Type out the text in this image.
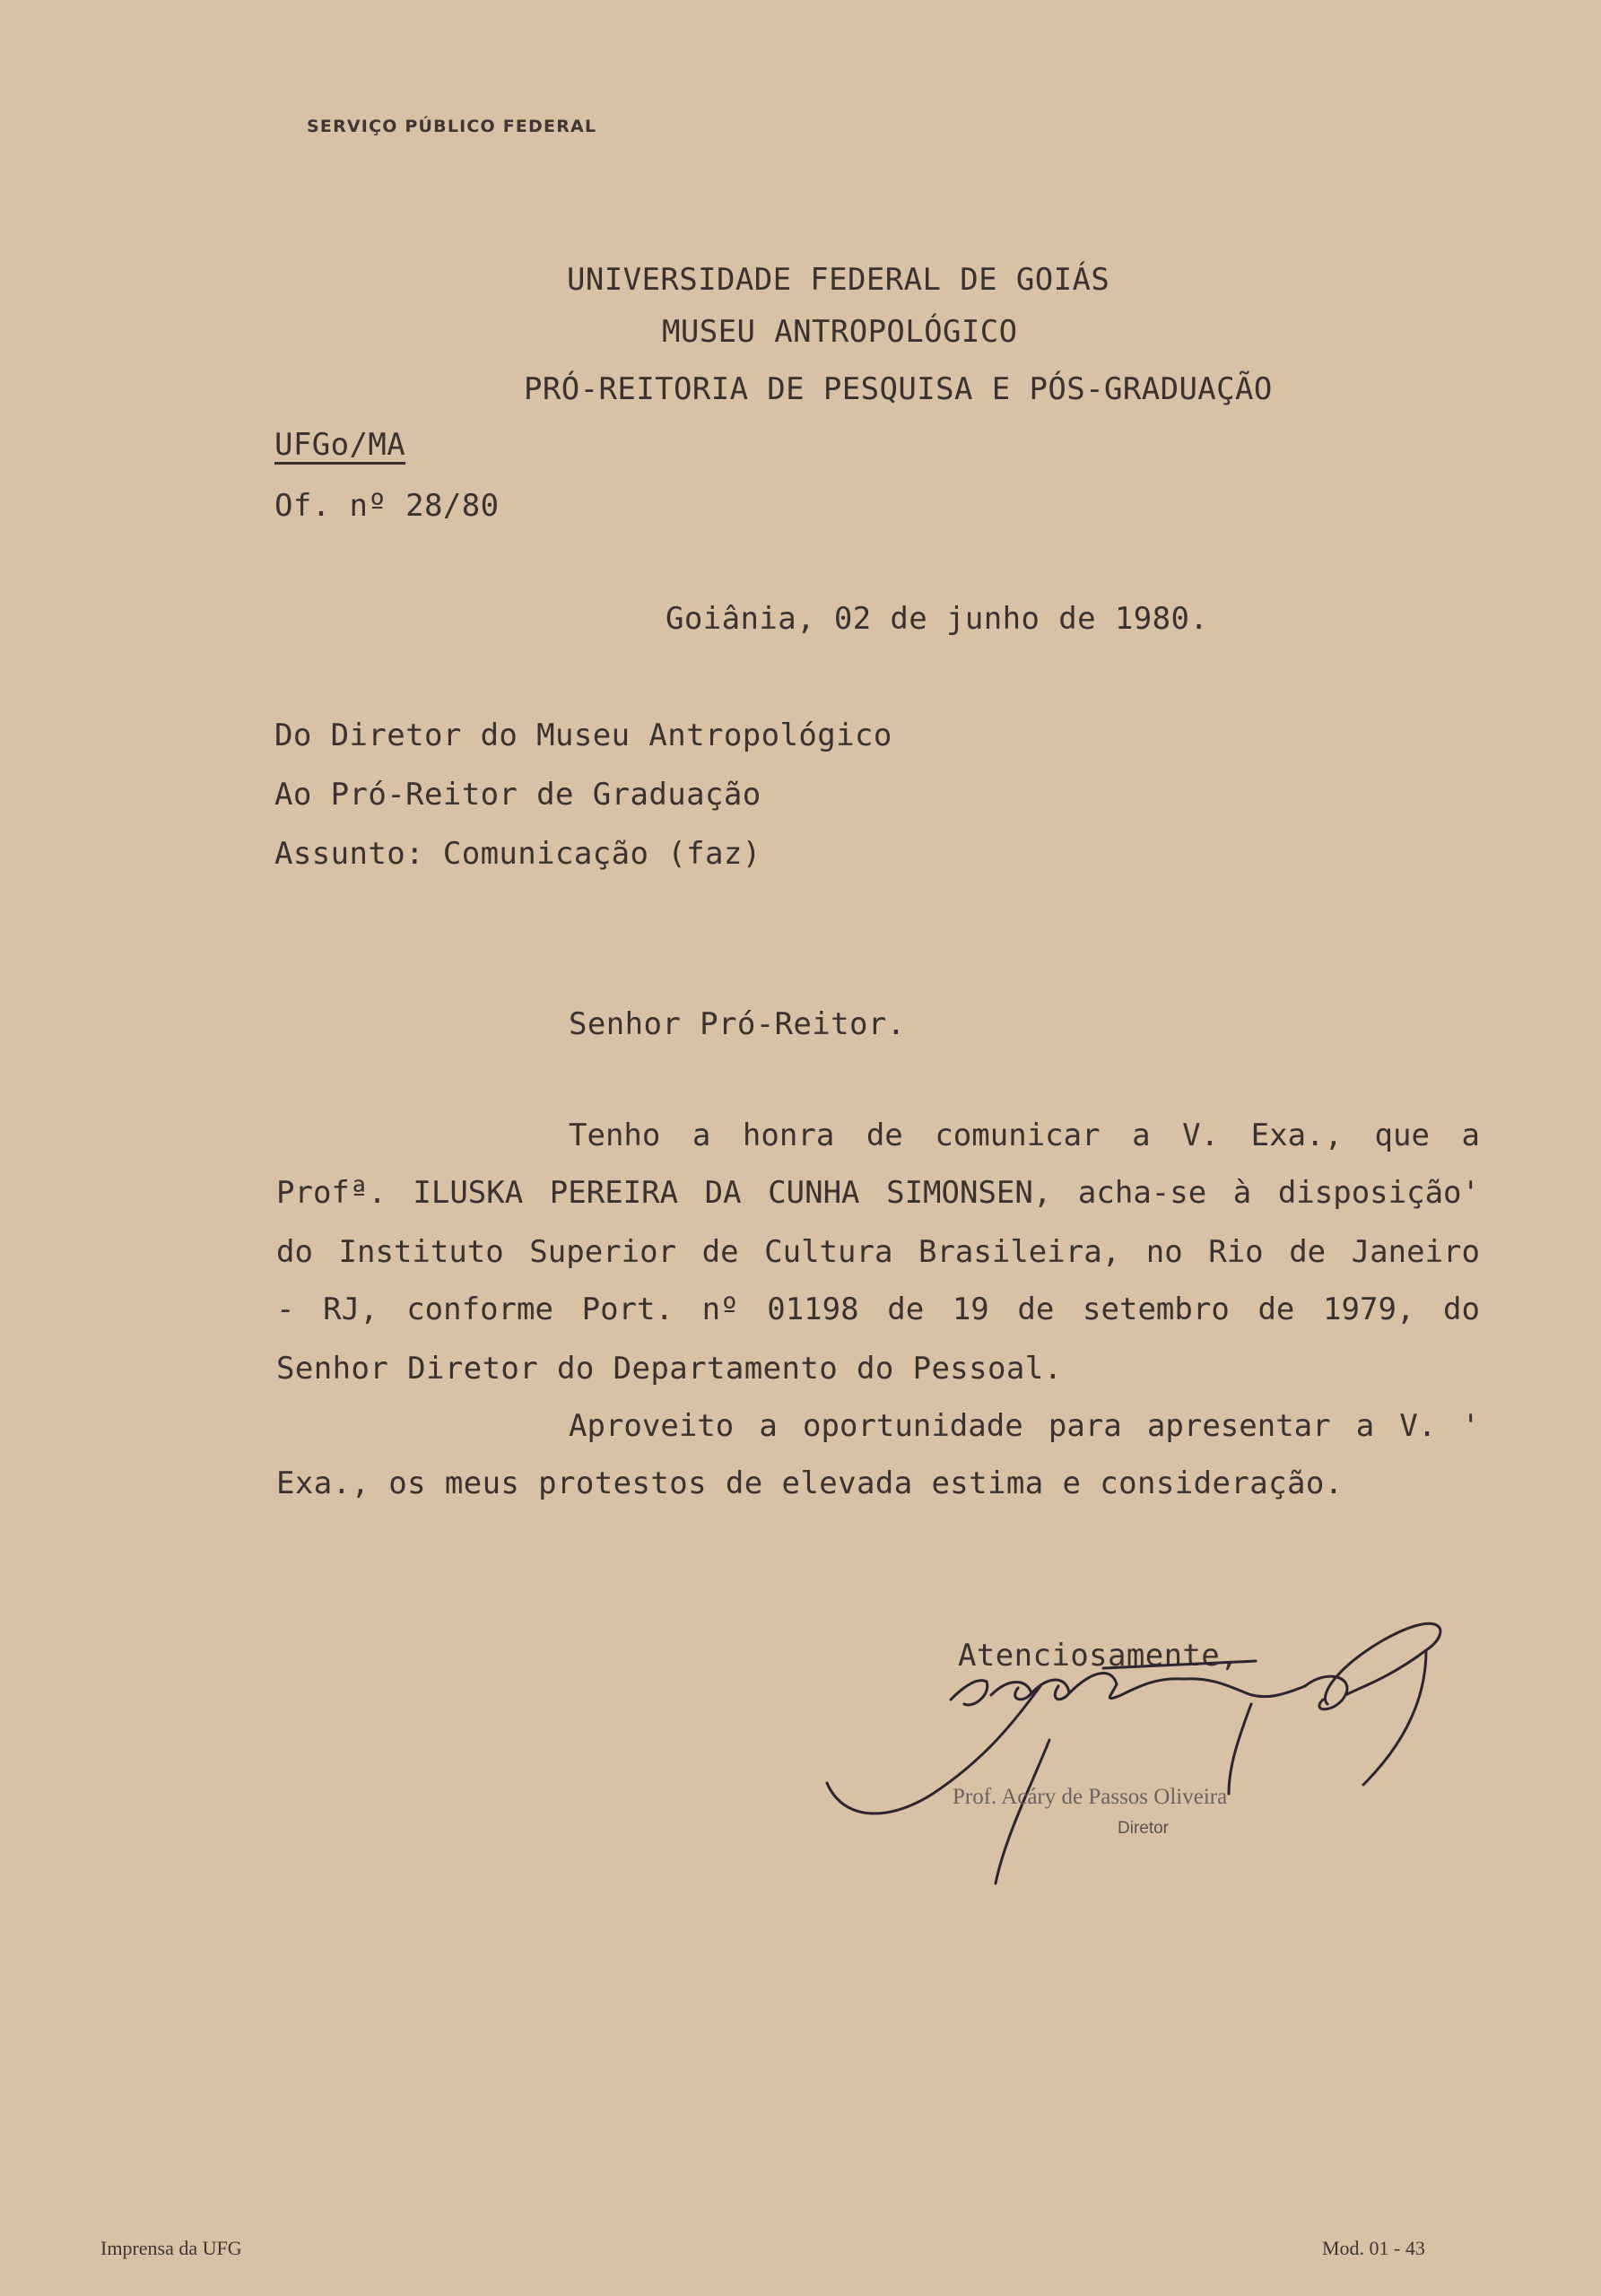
SERVIÇO PÚBLICO FEDERAL
UNIVERSIDADE FEDERAL DE GOIÁS
MUSEU ANTROPOLÓGICO
PRÓ-REITORIA DE PESQUISA E PÓS-GRADUAÇÃO
UFGo/MA
Of. nº 28/80
Goiânia, 02 de junho de 1980.
Do Diretor do Museu Antropológico
Ao Pró-Reitor de Graduação
Assunto: Comunicação (faz)
Senhor Pró-Reitor.
Tenho a honra de comunicar a V. Exa., que a
Profª. ILUSKA PEREIRA DA CUNHA SIMONSEN, acha-se à disposição'
do Instituto Superior de Cultura Brasileira, no Rio de Janeiro
- RJ, conforme Port. nº 01198 de 19 de setembro de 1979, do
Senhor Diretor do Departamento do Pessoal.
Aproveito a oportunidade para apresentar a V. '
Exa., os meus protestos de elevada estima e consideração.
Atenciosamente,
Prof. Acáry de Passos Oliveira
Diretor
Imprensa da UFG	Mod. 01 - 43
